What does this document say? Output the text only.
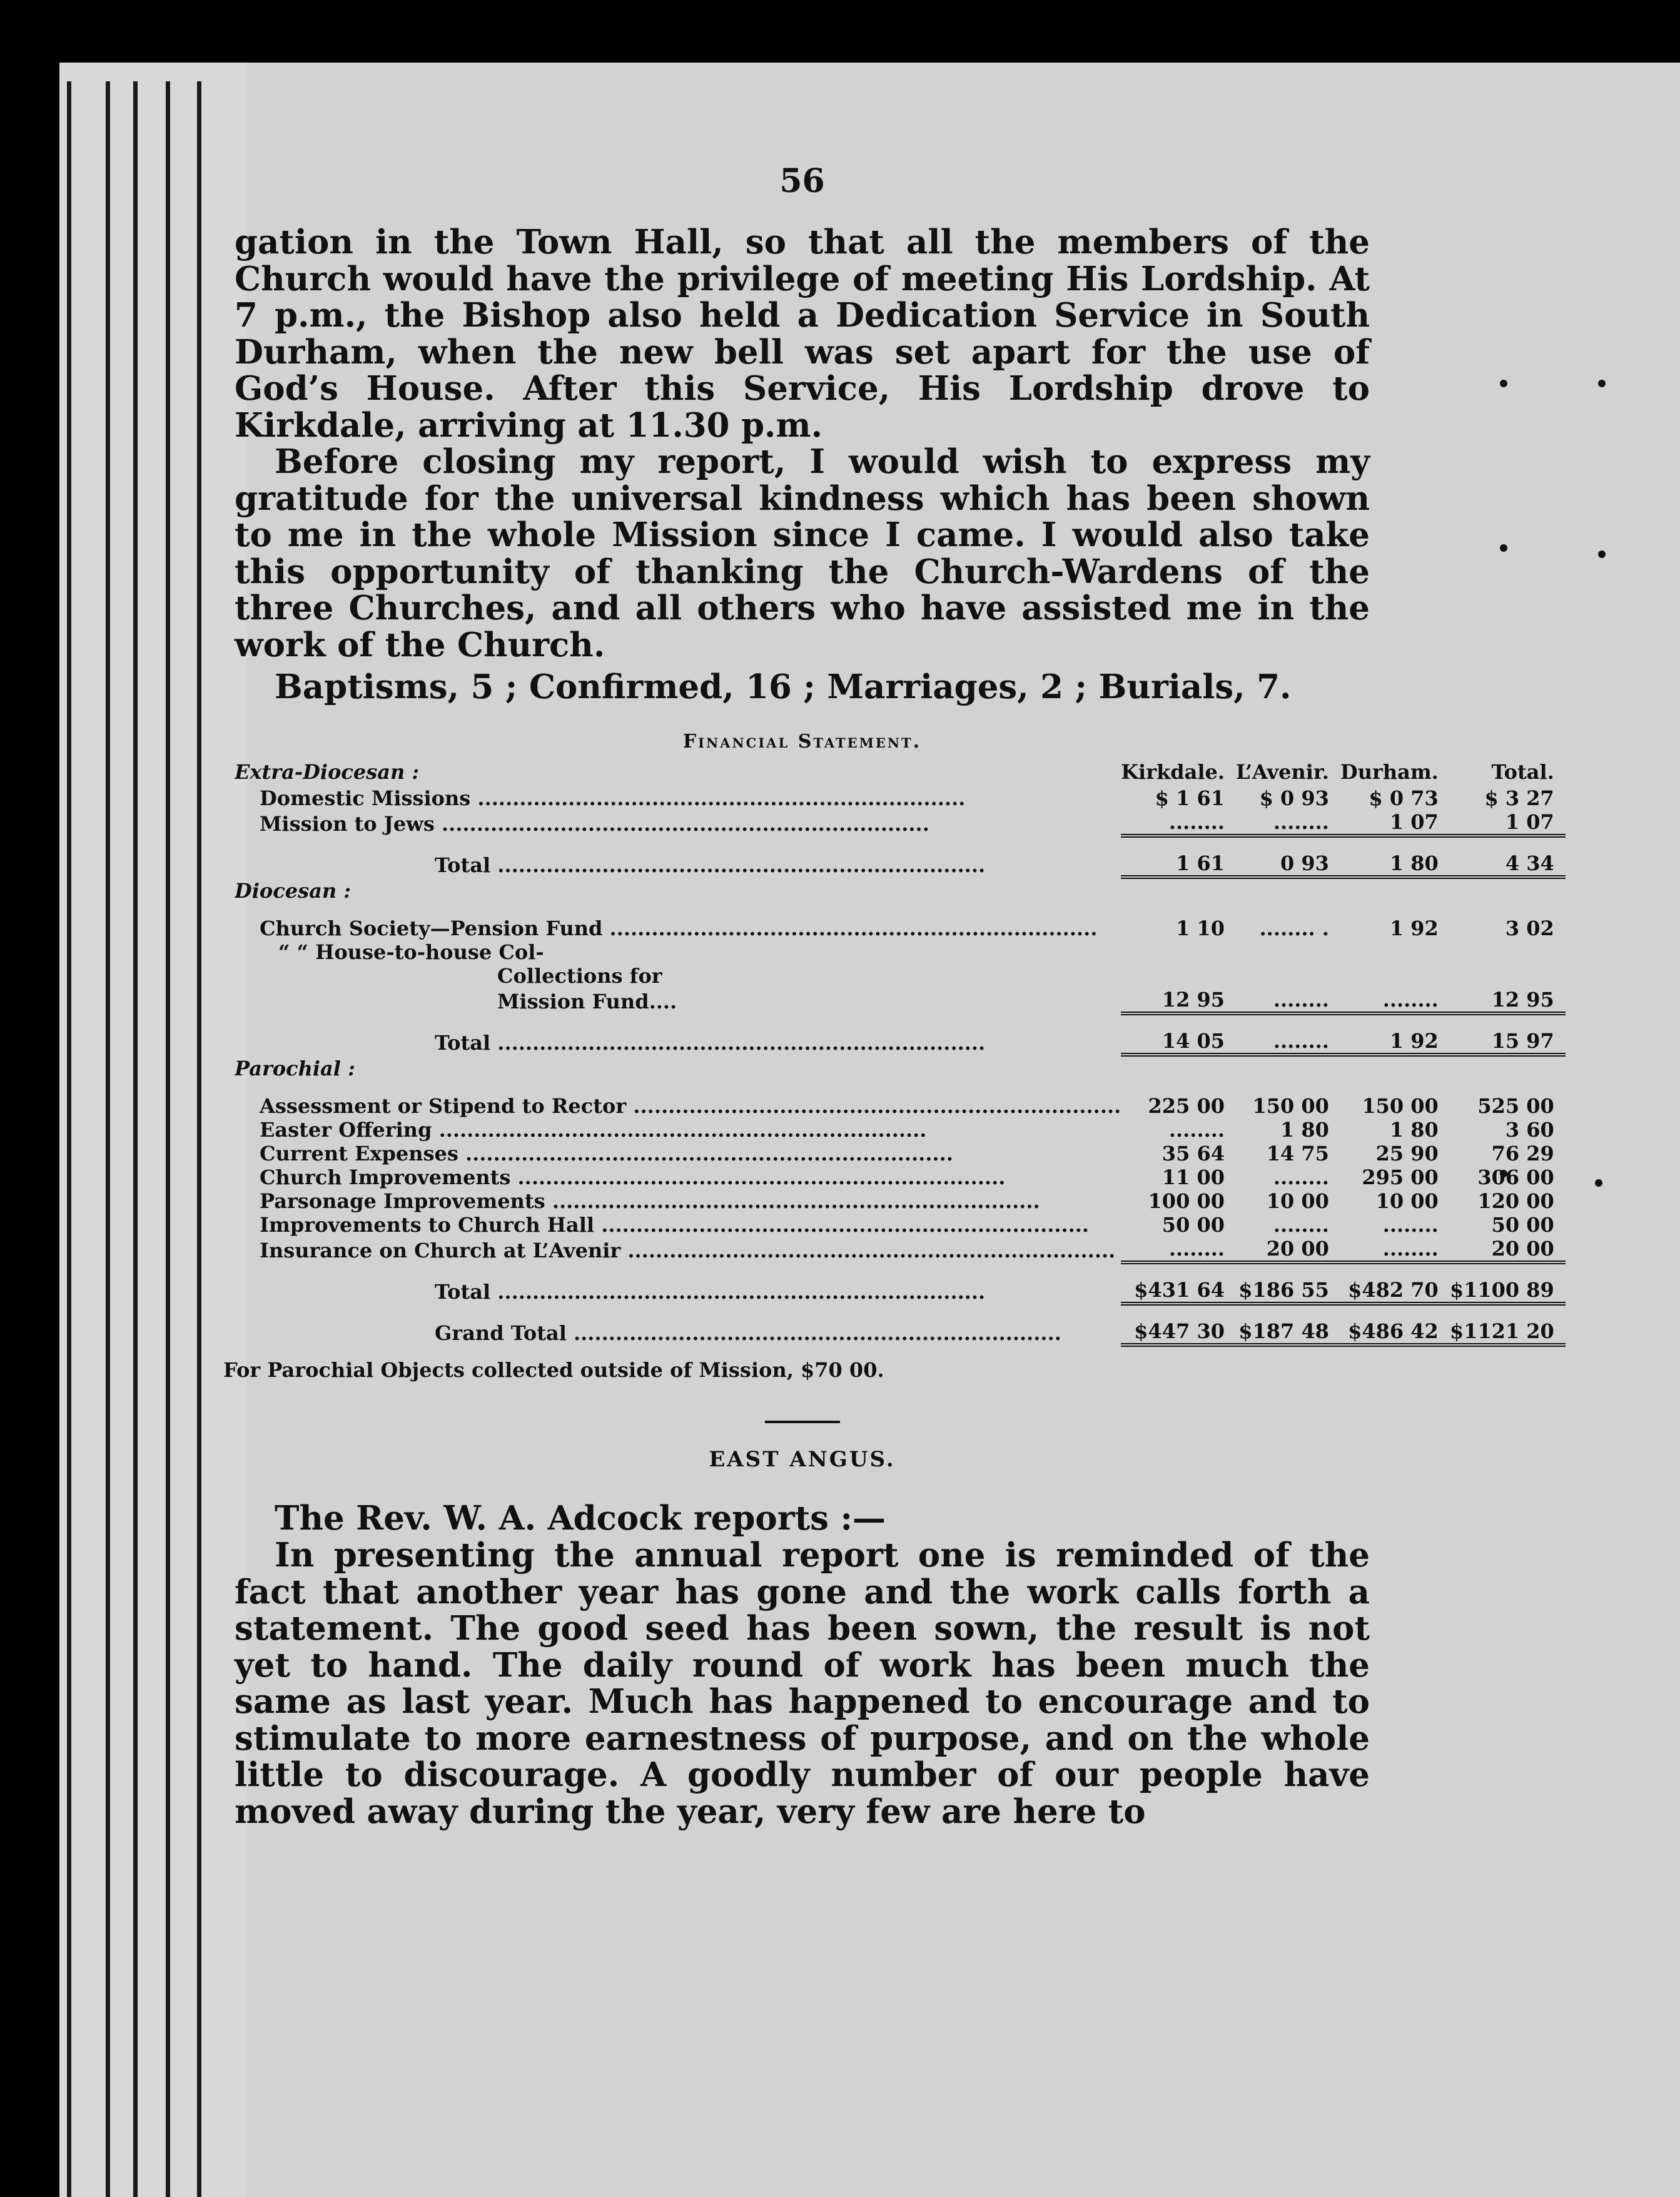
56

gation in the Town Hall, so that all the members of the Church would have the privilege of meeting His Lordship. At 7 p.m., the Bishop also held a Dedication Service in South Durham, when the new bell was set apart for the use of God’s House. After this Service, His Lordship drove to Kirkdale, arriving at 11.30 p.m.

Before closing my report, I would wish to express my gratitude for the universal kindness which has been shown to me in the whole Mission since I came. I would also take this opportunity of thanking the Church-Wardens of the three Churches, and all others who have assisted me in the work of the Church.

Baptisms, 5 ; Confirmed, 16 ; Marriages, 2 ; Burials, 7.
Financial Statement.
Extra-Diocesan :	Kirkdale.	L’Avenir.	Durham.	Total.
Domestic Missions .....	$ 1 61	$ 0 93	$ 0 73	$ 3 27
Mission to Jews .....	........	........	1 07	1 07

Total .....	1 61	0 93	1 80	4 34
Diocesan :				

Church Society—Pension Fund .....	1 10	........ .	1 92	3 02
“ “ House-to-house Col-				
Collections for				
Mission Fund....	12 95	........	........	12 95

Total .....	14 05	........	1 92	15 97
Parochial :				

Assessment or Stipend to Rector .....	225 00	150 00	150 00	525 00
Easter Offering .....	........	1 80	1 80	3 60
Current Expenses .....	35 64	14 75	25 90	76 29
Church Improvements .....	11 00	........	295 00	306 00
Parsonage Improvements .....	100 00	10 00	10 00	120 00
Improvements to Church Hall .....	50 00	........	........	50 00
Insurance on Church at L’Avenir .....	........	20 00	........	20 00

Total .....	$431 64	$186 55	$482 70	$1100 89

Grand Total .....	$447 30	$187 48	$486 42	$1121 20
For Parochial Objects collected outside of Mission, $70 00.
EAST ANGUS.
The Rev. W. A. Adcock reports :—

In presenting the annual report one is reminded of the fact that another year has gone and the work calls forth a statement. The good seed has been sown, the result is not yet to hand. The daily round of work has been much the same as last year. Much has happened to encourage and to stimulate to more earnestness of purpose, and on the whole little to discourage. A goodly number of our people have moved away during the year, very few are here to
